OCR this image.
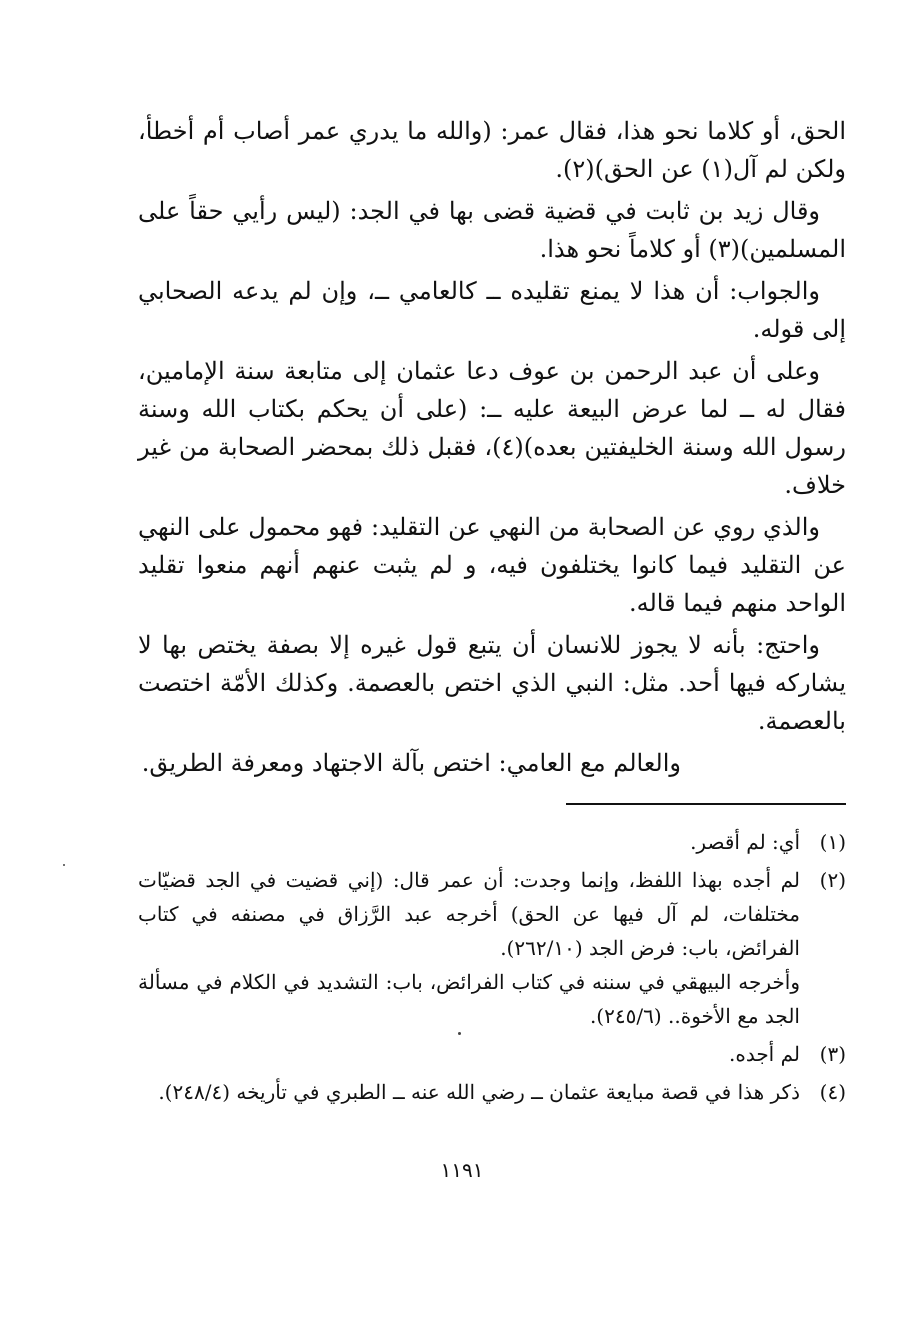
الحق، أو كلاما نحو هذا، فقال عمر: (والله ما يدري عمر أصاب أم أخطأ، ولكن لم آل(١) عن الحق)(٢).

وقال زيد بن ثابت في قضية قضى بها في الجد: (ليس رأيي حقاً على المسلمين)(٣) أو كلاماً نحو هذا.

والجواب: أن هذا لا يمنع تقليده ــ كالعامي ــ، وإن لم يدعه الصحابي إلى قوله.

وعلى أن عبد الرحمن بن عوف دعا عثمان إلى متابعة سنة الإمامين، فقال له ــ لما عرض البيعة عليه ــ: (على أن يحكم بكتاب الله وسنة رسول الله وسنة الخليفتين بعده)(٤)، فقبل ذلك بمحضر الصحابة من غير خلاف.

والذي روي عن الصحابة من النهي عن التقليد: فهو محمول على النهي عن التقليد فيما كانوا يختلفون فيه، و لم يثبت عنهم أنهم منعوا تقليد الواحد منهم فيما قاله.

واحتج: بأنه لا يجوز للانسان أن يتبع قول غيره إلا بصفة يختص بها لا يشاركه فيها أحد. مثل: النبي الذي اختص بالعصمة. وكذلك الأمّة اختصت بالعصمة.

والعالم مع العامي: اختص بآلة الاجتهاد ومعرفة الطريق.

(١)
أي: لم أقصر.
(٢)
لم أجده بهذا اللفظ، وإنما وجدت: أن عمر قال: (إني قضيت في الجد قضيّات مختلفات، لم آل فيها عن الحق) أخرجه عبد الرَّزاق في مصنفه في كتاب الفرائض، باب: فرض الجد (٢٦٢/١٠).
وأخرجه البيهقي في سننه في كتاب الفرائض، باب: التشديد في الكلام في مسألة الجد مع الأخوة.. (٢٤٥/٦).
(٣)
لم أجده.
(٤)
ذكر هذا في قصة مبايعة عثمان ــ رضي الله عنه ــ الطبري في تأريخه (٢٤٨/٤).
١١٩١
